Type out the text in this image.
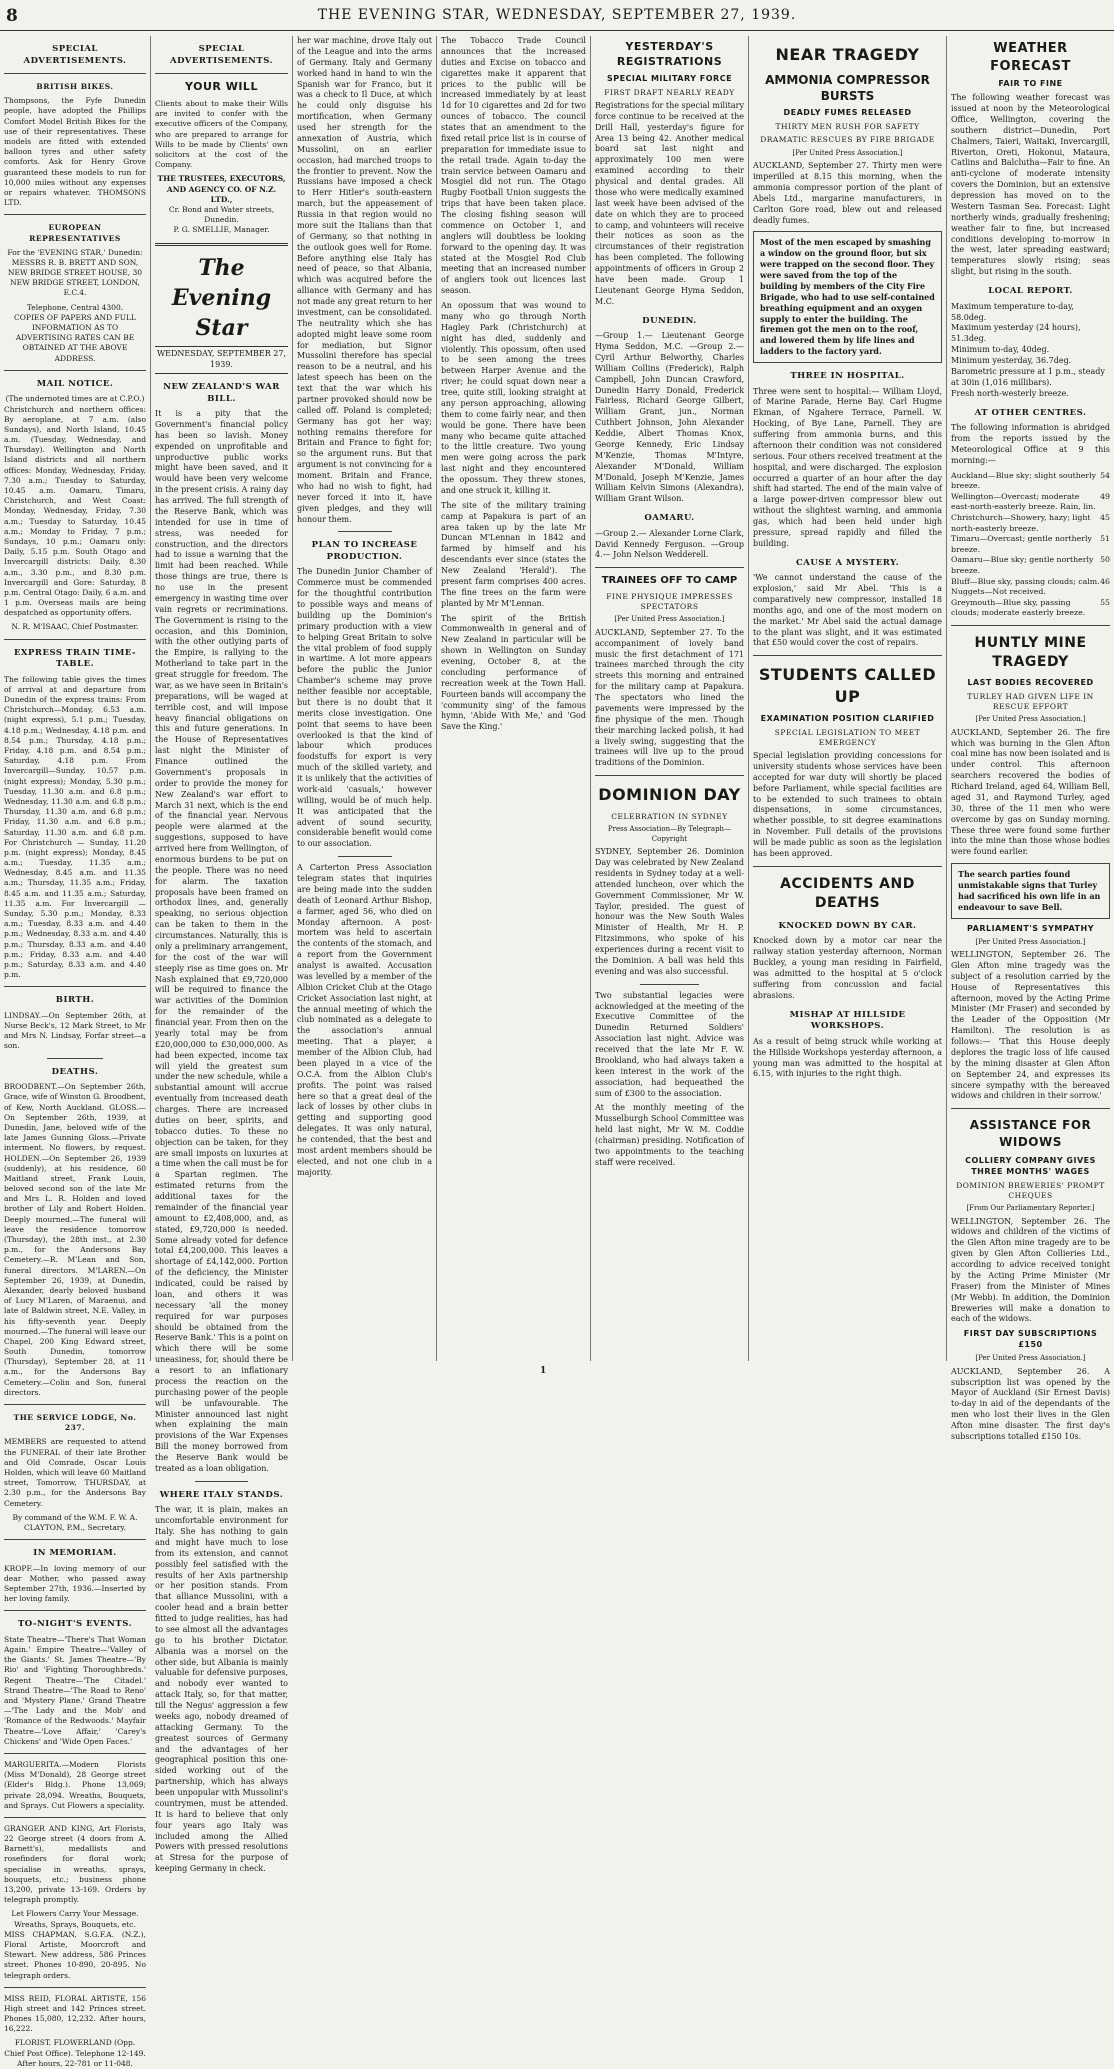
8	THE EVENING STAR, WEDNESDAY, SEPTEMBER 27, 1939.
SPECIAL ADVERTISEMENTS.
BRITISH BIKES.

Thompsons, the Fyfe Dunedin people, have adopted the Phillips Comfort Model British Bikes for the use of their representatives. These models are fitted with extended balloon tyres and other safety comforts. Ask for Henry Grove guaranteed these models to run for 10,000 miles without any expenses or repairs whatever. THOMSONS LTD.

EUROPEAN REPRESENTATIVES
For the 'EVENING STAR,' Dunedin:

MESSRS R. B. BRETT AND SON, NEW BRIDGE STREET HOUSE, 30 NEW BRIDGE STREET, LONDON, E.C.4.

Telephone, Central 4300.

COPIES OF PAPERS AND FULL INFORMATION AS TO ADVERTISING RATES CAN BE OBTAINED AT THE ABOVE ADDRESS.

MAIL NOTICE.
(The undernoted times are at C.P.O.)

Christchurch and northern offices: By aeroplane, at 7 a.m. (also Sundays), and North Island, 10.45 a.m. (Tuesday, Wednesday, and Thursday). Wellington and North Island districts and all northern offices: Monday, Wednesday, Friday, 7.30 a.m.; Tuesday to Saturday, 10.45 a.m. Oamaru, Timaru, Christchurch, and West Coast: Monday, Wednesday, Friday, 7.30 a.m.; Tuesday to Saturday, 10.45 a.m.; Monday to Friday, 7 p.m.; Sundays, 10 p.m.; Oamaru only: Daily, 5.15 p.m. South Otago and Invercargill districts: Daily, 8.30 a.m., 3.30 p.m., and 8.30 p.m. Invercargill and Gore: Saturday, 8 p.m. Central Otago: Daily, 6 a.m. and 1 p.m. Overseas mails are being despatched as opportunity offers.

N. R. M'ISAAC, Chief Postmaster.
EXPRESS TRAIN TIME-TABLE.

The following table gives the times of arrival at and departure from Dunedin of the express trains: From Christchurch—Monday, 6.53 a.m. (night express), 5.1 p.m.; Tuesday, 4.18 p.m.; Wednesday, 4.18 p.m. and 8.54 p.m.; Thursday, 4.18 p.m.; Friday, 4.18 p.m. and 8.54 p.m.; Saturday, 4.18 p.m. From Invercargill—Sunday, 10.57 p.m. (night express); Monday, 5.30 p.m.; Tuesday, 11.30 a.m. and 6.8 p.m.; Wednesday, 11.30 a.m. and 6.8 p.m.; Thursday, 11.30 a.m. and 6.8 p.m.; Friday, 11.30 a.m. and 6.8 p.m.; Saturday, 11.30 a.m. and 6.8 p.m. For Christchurch — Sunday, 11.20 p.m. (night express); Monday, 8.45 a.m.; Tuesday, 11.35 a.m.; Wednesday, 8.45 a.m. and 11.35 a.m.; Thursday, 11.35 a.m.; Friday, 8.45 a.m. and 11.35 a.m.; Saturday, 11.35 a.m. For Invercargill — Sunday, 5.30 p.m.; Monday, 8.33 a.m.; Tuesday, 8.33 a.m. and 4.40 p.m.; Wednesday, 8.33 a.m. and 4.40 p.m.; Thursday, 8.33 a.m. and 4.40 p.m.; Friday, 8.33 a.m. and 4.40 p.m.; Saturday, 8.33 a.m. and 4.40 p.m.

BIRTH.

LINDSAY.—On September 26th, at Nurse Beck's, 12 Mark Street, to Mr and Mrs N. Lindsay, Forfar street—a son.

DEATHS.

BROODBENT.—On September 26th, Grace, wife of Winston G. Broodbent, of Kew, North Auckland. GLOSS.—On September 26th, 1939, at Dunedin, Jane, beloved wife of the late James Gunning Gloss.—Private interment. No flowers, by request. HOLDEN.—On September 26, 1939 (suddenly), at his residence, 60 Maitland street, Frank Louis, beloved second son of the late Mr and Mrs L. R. Holden and loved brother of Lily and Robert Holden. Deeply mourned.—The funeral will leave the residence tomorrow (Thursday), the 28th inst., at 2.30 p.m., for the Andersons Bay Cemetery.—R. M'Lean and Son, funeral directors. M'LAREN.—On September 26, 1939, at Dunedin, Alexander, dearly beloved husband of Lucy M'Laren, of Maraenui, and late of Baldwin street, N.E. Valley, in his fifty-seventh year. Deeply mourned.—The funeral will leave our Chapel, 200 King Edward street, South Dunedin, tomorrow (Thursday), September 28, at 11 a.m., for the Andersons Bay Cemetery.—Colin and Son, funeral directors.

THE SERVICE LODGE, No. 237.

MEMBERS are requested to attend the FUNERAL of their late Brother and Old Comrade, Oscar Louis Holden, which will leave 60 Maitland street, Tomorrow, THURSDAY, at 2.30 p.m., for the Andersons Bay Cemetery.

By command of the W.M. F. W. A. CLAYTON, P.M., Secretary.
IN MEMORIAM.

KROPF.—In loving memory of our dear Mother, who passed away September 27th, 1936.—Inserted by her loving family.

TO-NIGHT'S EVENTS.

State Theatre—'There's That Woman Again.' Empire Theatre—'Valley of the Giants.' St. James Theatre—'By Rio' and 'Fighting Thoroughbreds.' Regent Theatre—'The Citadel.' Strand Theatre—'The Road to Reno' and 'Mystery Plane.' Grand Theatre—'The Lady and the Mob' and 'Romance of the Redwoods.' Mayfair Theatre—'Love Affair,' 'Carey's Chickens' and 'Wide Open Faces.'

MARGUERITA.—Modern Florists (Miss M'Donald), 28 George street (Elder's Bldg.). Phone 13,069; private 28,094. Wreaths, Bouquets, and Sprays. Cut Flowers a speciality.

GRANGER AND KING, Art Florists, 22 George street (4 doors from A. Barnett's), medallists and rosefinders for floral work; specialise in wreaths, sprays, bouquets, etc.; business phone 13,200, private 13-169. Orders by telegraph promptly.

Let Flowers Carry Your Message. Wreaths, Sprays, Bouquets, etc.

MISS CHAPMAN, S.G.F.A. (N.Z.), Floral Artiste, Moorcroft and Stewart. New address, 586 Princes street. Phones 10-890, 20-895. No telegraph orders.

MISS REID, FLORAL ARTISTE, 156 High street and 142 Princes street. Phones 15,080, 12,232. After hours, 16,222.

FLORIST. FLOWERLAND (Opp. Chief Post Office). Telephone 12-149. After hours, 22-781 or 11-048.

SPECIAL ADVERTISEMENTS.
YOUR WILL

Clients about to make their Wills are invited to confer with the executive officers of the Company, who are prepared to arrange for Wills to be made by Clients' own solicitors at the cost of the Company.

THE TRUSTEES, EXECUTORS, AND AGENCY CO. OF N.Z. LTD.,
Cr. Bond and Water streets, Dunedin.
P. G. SMELLIE, Manager.
The Evening Star
WEDNESDAY, SEPTEMBER 27, 1939.
NEW ZEALAND'S WAR BILL.

It is a pity that the Government's financial policy has been so lavish. Money expended on unprofitable and unproductive public works might have been saved, and it would have been very welcome in the present crisis. A rainy day has arrived. The full strength of the Reserve Bank, which was intended for use in time of stress, was needed for construction, and the directors had to issue a warning that the limit had been reached. While those things are true, there is no use in the present emergency in wasting time over vain regrets or recriminations. The Government is rising to the occasion, and this Dominion, with the other outlying parts of the Empire, is rallying to the Motherland to take part in the great struggle for freedom. The war, as we have seen in Britain's preparations, will be waged at terrible cost, and will impose heavy financial obligations on this and future generations. In the House of Representatives last night the Minister of Finance outlined the Government's proposals in order to provide the money for New Zealand's war effort to March 31 next, which is the end of the financial year. Nervous people were alarmed at the suggestions, supposed to have arrived here from Wellington, of enormous burdens to be put on the people. There was no need for alarm. The taxation proposals have been framed on orthodox lines, and, generally speaking, no serious objection can be taken to them in the circumstances. Naturally, this is only a preliminary arrangement, for the cost of the war will steeply rise as time goes on. Mr Nash explained that £9,720,000 will be required to finance the war activities of the Dominion for the remainder of the financial year. From then on the yearly total may be from £20,000,000 to £30,000,000. As had been expected, income tax will yield the greatest sum under the new schedule, while a substantial amount will accrue eventually from increased death charges. There are increased duties on beer, spirits, and tobacco duties. To these no objection can be taken, for they are small imposts on luxuries at a time when the call must be for a Spartan regimen. The estimated returns from the additional taxes for the remainder of the financial year amount to £2,408,000, and, as stated, £9,720,000 is needed. Some already voted for defence total £4,200,000. This leaves a shortage of £4,142,000. Portion of the deficiency, the Minister indicated, could be raised by loan, and others it was necessary 'all the money required for war purposes should be obtained from the Reserve Bank.' This is a point on which there will be some uneasiness, for, should there be a resort to an inflationary process the reaction on the purchasing power of the people will be unfavourable. The Minister announced last night when explaining the main provisions of the War Expenses Bill the money borrowed from the Reserve Bank would be treated as a loan obligation.

WHERE ITALY STANDS.

The war, it is plain, makes an uncomfortable environment for Italy. She has nothing to gain and might have much to lose from its extension, and cannot possibly feel satisfied with the results of her Axis partnership or her position stands. From that alliance Mussolini, with a cooler head and a brain better fitted to judge realities, has had to see almost all the advantages go to his brother Dictator. Albania was a morsel on the other side, but Albania is mainly valuable for defensive purposes, and nobody ever wanted to attack Italy, so, for that matter, till the Negus' aggression a few weeks ago, nobody dreamed of attacking Germany. To the greatest sources of Germany and the advantages of her geographical position this one-sided working out of the partnership, which has always been unpopular with Mussolini's countrymen, must be attended. It is hard to believe that only four years ago Italy was included among the Allied Powers with pressed resolutions at Stresa for the purpose of keeping Germany in check.

her war machine, drove Italy out of the League and into the arms of Germany. Italy and Germany worked hand in hand to win the Spanish war for Franco, but it was a check to Il Duce, at which he could only disguise his mortification, when Germany used her strength for the annexation of Austria, which Mussolini, on an earlier occasion, had marched troops to the frontier to prevent. Now the Russians have imposed a check to Herr Hitler's south-eastern march, but the appeasement of Russia in that region would no more suit the Italians than that of Germany, so that nothing in the outlook goes well for Rome. Before anything else Italy has need of peace, so that Albania, which was acquired before the alliance with Germany and has not made any great return to her investment, can be consolidated. The neutrality which she has adopted might leave some room for mediation, but Signor Mussolini therefore has special reason to be a neutral, and his latest speech has been on the text that the war which his partner provoked should now be called off. Poland is completed; Germany has got her way; nothing remains therefore for Britain and France to fight for; so the argument runs. But that argument is not convincing for a moment. Britain and France, who had no wish to fight, had never forced it into it, have given pledges, and they will honour them.

PLAN TO INCREASE PRODUCTION.

The Dunedin Junior Chamber of Commerce must be commended for the thoughtful contribution to possible ways and means of building up the Dominion's primary production with a view to helping Great Britain to solve the vital problem of food supply in wartime. A lot more appears before the public the Junior Chamber's scheme may prove neither feasible nor acceptable, but there is no doubt that it merits close investigation. One point that seems to have been overlooked is that the kind of labour which produces foodstuffs for export is very much of the skilled variety, and it is unlikely that the activities of work-aid 'casuals,' however willing, would be of much help. It was anticipated that the advent of sound security, considerable benefit would come to our association.

A Carterton Press Association telegram states that inquiries are being made into the sudden death of Leonard Arthur Bishop, a farmer, aged 56, who died on Monday afternoon. A post-mortem was held to ascertain the contents of the stomach, and a report from the Government analyst is awaited. Accusation was levelled by a member of the Albion Cricket Club at the Otago Cricket Association last night, at the annual meeting of which the club nominated as a delegate to the association's annual meeting. That a player, a member of the Albion Club, had been played in a vice of the O.C.A. from the Albion Club's profits. The point was raised here so that a great deal of the lack of losses by other clubs in getting and supporting good delegates. It was only natural, he contended, that the best and most ardent members should be elected, and not one club in a majority.

The Tobacco Trade Council announces that the increased duties and Excise on tobacco and cigarettes make it apparent that prices to the public will be increased immediately by at least 1d for 10 cigarettes and 2d for two ounces of tobacco. The council states that an amendment to the fixed retail price list is in course of preparation for immediate issue to the retail trade. Again to-day the train service between Oamaru and Mosgiel did not run. The Otago Rugby Football Union suggests the trips that have been taken place. The closing fishing season will commence on October 1, and anglers will doubtless be looking forward to the opening day. It was stated at the Mosgiel Rod Club meeting that an increased number of anglers took out licences last season.

An opossum that was wound to many who go through North Hagley Park (Christchurch) at night has died, suddenly and violently. This opossum, often used to be seen among the trees between Harper Avenue and the river; he could squat down near a tree, quite still, looking straight at any person approaching, allowing them to come fairly near, and then would be gone. There have been many who became quite attached to the little creature. Two young men were going across the park last night and they encountered the opossum. They threw stones, and one struck it, killing it.

The site of the military training camp at Papakura is part of an area taken up by the late Mr Duncan M'Lennan in 1842 and farmed by himself and his descendants ever since (states the New Zealand 'Herald'). The present farm comprises 400 acres. The fine trees on the farm were planted by Mr M'Lennan.

The spirit of the British Commonwealth in general and of New Zealand in particular will be shown in Wellington on Sunday evening, October 8, at the concluding performance of recreation week at the Town Hall. Fourteen bands will accompany the 'community sing' of the famous hymn, 'Abide With Me,' and 'God Save the King.'

YESTERDAY'S REGISTRATIONS
SPECIAL MILITARY FORCE
FIRST DRAFT NEARLY READY

Registrations for the special military force continue to be received at the Drill Hall, yesterday's figure for Area 13 being 42. Another medical board sat last night and approximately 100 men were examined according to their physical and dental grades. All those who were medically examined last week have been advised of the date on which they are to proceed to camp, and volunteers will receive their notices as soon as the circumstances of their registration has been completed. The following appointments of officers in Group 2 have been made. Group 1 Lieutenant George Hyma Seddon, M.C.

DUNEDIN.

—Group 1.— Lieutenant George Hyma Seddon, M.C. —Group 2.— Cyril Arthur Belworthy, Charles William Collins (Frederick), Ralph Campbell, John Duncan Crawford, Dunedin Harry Donald, Frederick Fairless, Richard George Gilbert, William Grant, jun., Norman Cuthbert Johnson, John Alexander Keddie, Albert Thomas Knox, George Kennedy, Eric Lindsay M'Kenzie, Thomas M'Intyre, Alexander M'Donald, William M'Donald, Joseph M'Kenzie, James William Kelvin Simons (Alexandra), William Grant Wilson.

OAMARU.

—Group 2.— Alexander Lorne Clark, David Kennedy Ferguson. —Group 4.— John Nelson Wedderell.

TRAINEES OFF TO CAMP
FINE PHYSIQUE IMPRESSES SPECTATORS
[Per United Press Association.]

AUCKLAND, September 27. To the accompaniment of lovely band music the first detachment of 171 trainees marched through the city streets this morning and entrained for the military camp at Papakura. The spectators who lined the pavements were impressed by the fine physique of the men. Though their marching lacked polish, it had a lively swing, suggesting that the trainees will live up to the proud traditions of the Dominion.

DOMINION DAY
CELEBRATION IN SYDNEY
Press Association—By Telegraph—Copyright

SYDNEY, September 26. Dominion Day was celebrated by New Zealand residents in Sydney today at a well-attended luncheon, over which the Government Commissioner, Mr W. Taylor, presided. The guest of honour was the New South Wales Minister of Health, Mr H. P. Fitzsimmons, who spoke of his experiences during a recent visit to the Dominion. A ball was held this evening and was also successful.

Two substantial legacies were acknowledged at the meeting of the Executive Committee of the Dunedin Returned Soldiers' Association last night. Advice was received that the late Mr F. W. Brookland, who had always taken a keen interest in the work of the association, had bequeathed the sum of £300 to the association.

At the monthly meeting of the Musselburgh School Committee was held last night, Mr W. M. Coddie (chairman) presiding. Notification of two appointments to the teaching staff were received.

NEAR TRAGEDY
AMMONIA COMPRESSOR BURSTS
DEADLY FUMES RELEASED
THIRTY MEN RUSH FOR SAFETY
DRAMATIC RESCUES BY FIRE BRIGADE
[Per United Press Association.]

AUCKLAND, September 27. Thirty men were imperilled at 8.15 this morning, when the ammonia compressor portion of the plant of Abels Ltd., margarine manufacturers, in Carlton Gore road, blew out and released deadly fumes.

Most of the men escaped by smashing a window on the ground floor, but six were trapped on the second floor. They were saved from the top of the building by members of the City Fire Brigade, who had to use self-contained breathing equipment and an oxygen supply to enter the building. The firemen got the men on to the roof, and lowered them by life lines and ladders to the factory yard.
THREE IN HOSPITAL.

Three were sent to hospital:— William Lloyd, of Marine Parade, Herne Bay. Carl Hugme Ekman, of Ngahere Terrace, Parnell. W. Hocking, of Bye Lane, Parnell. They are suffering from ammonia burns, and this afternoon their condition was not considered serious. Four others received treatment at the hospital, and were discharged. The explosion occurred a quarter of an hour after the day shift had started. The end of the main valve of a large power-driven compressor blew out without the slightest warning, and ammonia gas, which had been held under high pressure, spread rapidly and filled the building.

CAUSE A MYSTERY.

'We cannot understand the cause of the explosion,' said Mr Abel. 'This is a comparatively new compressor, installed 18 months ago, and one of the most modern on the market.' Mr Abel said the actual damage to the plant was slight, and it was estimated that £50 would cover the cost of repairs.

STUDENTS CALLED UP
EXAMINATION POSITION CLARIFIED
SPECIAL LEGISLATION TO MEET EMERGENCY

Special legislation providing concessions for university students whose services have been accepted for war duty will shortly be placed before Parliament, while special facilities are to be extended to such trainees to obtain dispensations, in some circumstances, whether possible, to sit degree examinations in November. Full details of the provisions will be made public as soon as the legislation has been approved.

ACCIDENTS AND DEATHS
KNOCKED DOWN BY CAR.

Knocked down by a motor car near the railway station yesterday afternoon, Norman Buckley, a young man residing in Fairfield, was admitted to the hospital at 5 o'clock suffering from concussion and facial abrasions.

MISHAP AT HILLSIDE WORKSHOPS.

As a result of being struck while working at the Hillside Workshops yesterday afternoon, a young man was admitted to the hospital at 6.15, with injuries to the right thigh.

WEATHER FORECAST
FAIR TO FINE

The following weather forecast was issued at noon by the Meteorological Office, Wellington, covering the southern district—Dunedin, Port Chalmers, Taieri, Waitaki, Invercargill, Riverton, Oreti, Hokonui, Mataura, Catlins and Balclutha—Fair to fine. An anti-cyclone of moderate intensity covers the Dominion, but an extensive depression has moved on to the Western Tasman Sea. Forecast: Light northerly winds, gradually freshening; weather fair to fine, but increased conditions developing to-morrow in the west, later spreading eastward; temperatures slowly rising; seas slight, but rising in the south.

LOCAL REPORT.
Maximum temperature to-day, 58.0deg.
Maximum yesterday (24 hours), 51.3deg.
Minimum to-day, 40deg.
Minimum yesterday, 36.7deg.
Barometric pressure at 1 p.m., steady at 30in (1,016 millibars).
Fresh north-westerly breeze.
AT OTHER CENTRES.

The following information is abridged from the reports issued by the Meteorological Office at 9 this morning:—

Auckland—Blue sky; slight southerly breeze.
54
Wellington—Overcast; moderate east-north-easterly breeze. Rain, lin.
49
Christchurch—Showery, hazy; light north-easterly breeze.
45
Timaru—Overcast; gentle northerly breeze.
51
Oamaru—Blue sky; gentle northerly breeze.
50
Bluff—Blue sky, passing clouds; calm. 46
Nuggets—Not received.
Greymouth—Blue sky, passing clouds; moderate easterly breeze.
55
HUNTLY MINE TRAGEDY
LAST BODIES RECOVERED
TURLEY HAD GIVEN LIFE IN RESCUE EFFORT
[Per United Press Association.]

AUCKLAND, September 26. The fire which was burning in the Glen Afton coal mine has now been isolated and is under control. This afternoon searchers recovered the bodies of Richard Ireland, aged 64, William Bell, aged 31, and Raymond Turley, aged 30, three of the 11 men who were overcome by gas on Sunday morning. These three were found some further into the mine than those whose bodies were found earlier.

The search parties found unmistakable signs that Turley had sacrificed his own life in an endeavour to save Bell.
PARLIAMENT'S SYMPATHY
[Per United Press Association.]

WELLINGTON, September 26. The Glen Afton mine tragedy was the subject of a resolution carried by the House of Representatives this afternoon, moved by the Acting Prime Minister (Mr Fraser) and seconded by the Leader of the Opposition (Mr Hamilton). The resolution is as follows:— 'That this House deeply deplores the tragic loss of life caused by the mining disaster at Glen Afton on September 24, and expresses its sincere sympathy with the bereaved widows and children in their sorrow.'

ASSISTANCE FOR WIDOWS
COLLIERY COMPANY GIVES THREE MONTHS' WAGES
DOMINION BREWERIES' PROMPT CHEQUES
[From Our Parliamentary Reporter.]

WELLINGTON, September 26. The widows and children of the victims of the Glen Afton mine tragedy are to be given by Glen Afton Collieries Ltd., according to advice received tonight by the Acting Prime Minister (Mr Fraser) from the Minister of Mines (Mr Webb). In addition, the Dominion Breweries will make a donation to each of the widows.

FIRST DAY SUBSCRIPTIONS £150
[Per United Press Association.]

AUCKLAND, September 26. A subscription list was opened by the Mayor of Auckland (Sir Ernest Davis) to-day in aid of the dependants of the men who lost their lives in the Glen Afton mine disaster. The first day's subscriptions totalled £150 10s.

1
